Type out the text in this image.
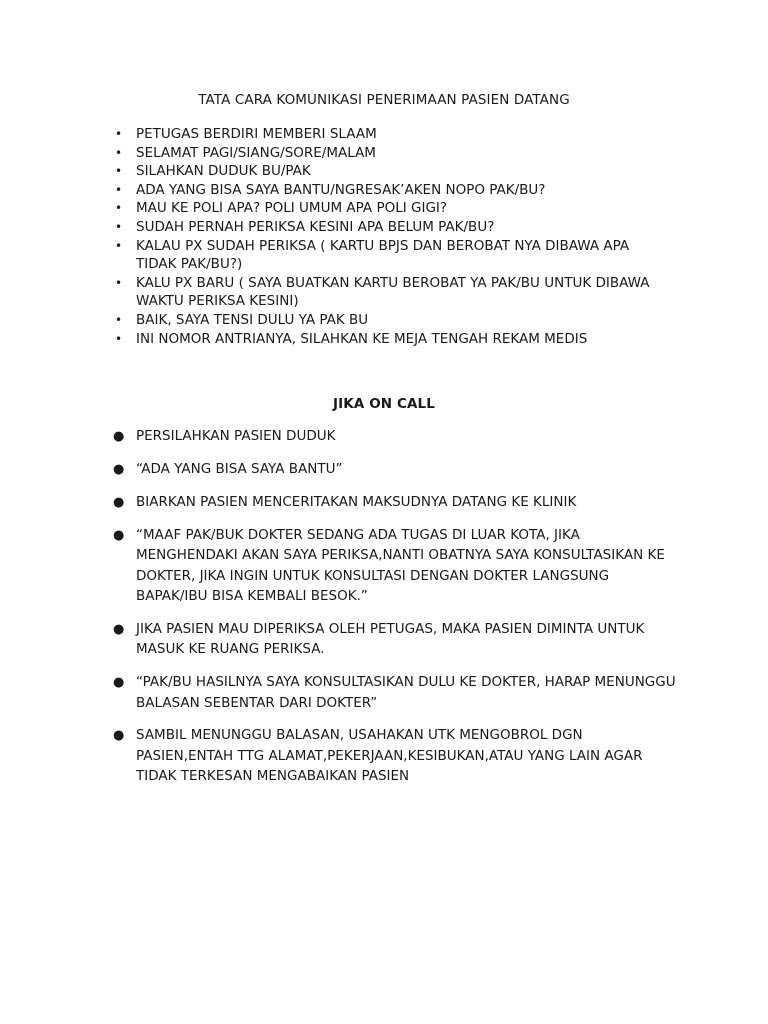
TATA CARA KOMUNIKASI PENERIMAAN PASIEN DATANG
• PETUGAS BERDIRI MEMBERI SLAAM
• SELAMAT PAGI/SIANG/SORE/MALAM
• SILAHKAN DUDUK BU/PAK
• ADA YANG BISA SAYA BANTU/NGRESAK’AKEN NOPO PAK/BU?
• MAU KE POLI APA? POLI UMUM APA POLI GIGI?
• SUDAH PERNAH PERIKSA KESINI APA BELUM PAK/BU?
• KALAU PX SUDAH PERIKSA ( KARTU BPJS DAN BEROBAT NYA DIBAWA APA TIDAK PAK/BU?)
• KALU PX BARU ( SAYA BUATKAN KARTU BEROBAT YA PAK/BU UNTUK DIBAWA WAKTU PERIKSA KESINI)
• BAIK, SAYA TENSI DULU YA PAK BU
• INI NOMOR ANTRIANYA, SILAHKAN KE MEJA TENGAH REKAM MEDIS
JIKA ON CALL
● PERSILAHKAN PASIEN DUDUK
● “ADA YANG BISA SAYA BANTU”
● BIARKAN PASIEN MENCERITAKAN MAKSUDNYA DATANG KE KLINIK
● “MAAF PAK/BUK DOKTER SEDANG ADA TUGAS DI LUAR KOTA, JIKA MENGHENDAKI AKAN SAYA PERIKSA,NANTI OBATNYA SAYA KONSULTASIKAN KE DOKTER, JIKA INGIN UNTUK KONSULTASI DENGAN DOKTER LANGSUNG BAPAK/IBU BISA KEMBALI BESOK.”
● JIKA PASIEN MAU DIPERIKSA OLEH PETUGAS, MAKA PASIEN DIMINTA UNTUK MASUK KE RUANG PERIKSA.
● “PAK/BU HASILNYA SAYA KONSULTASIKAN DULU KE DOKTER, HARAP MENUNGGU BALASAN SEBENTAR DARI DOKTER”
● SAMBIL MENUNGGU BALASAN, USAHAKAN UTK MENGOBROL DGN PASIEN,ENTAH TTG ALAMAT,PEKERJAAN,KESIBUKAN,ATAU YANG LAIN AGAR TIDAK TERKESAN MENGABAIKAN PASIEN
